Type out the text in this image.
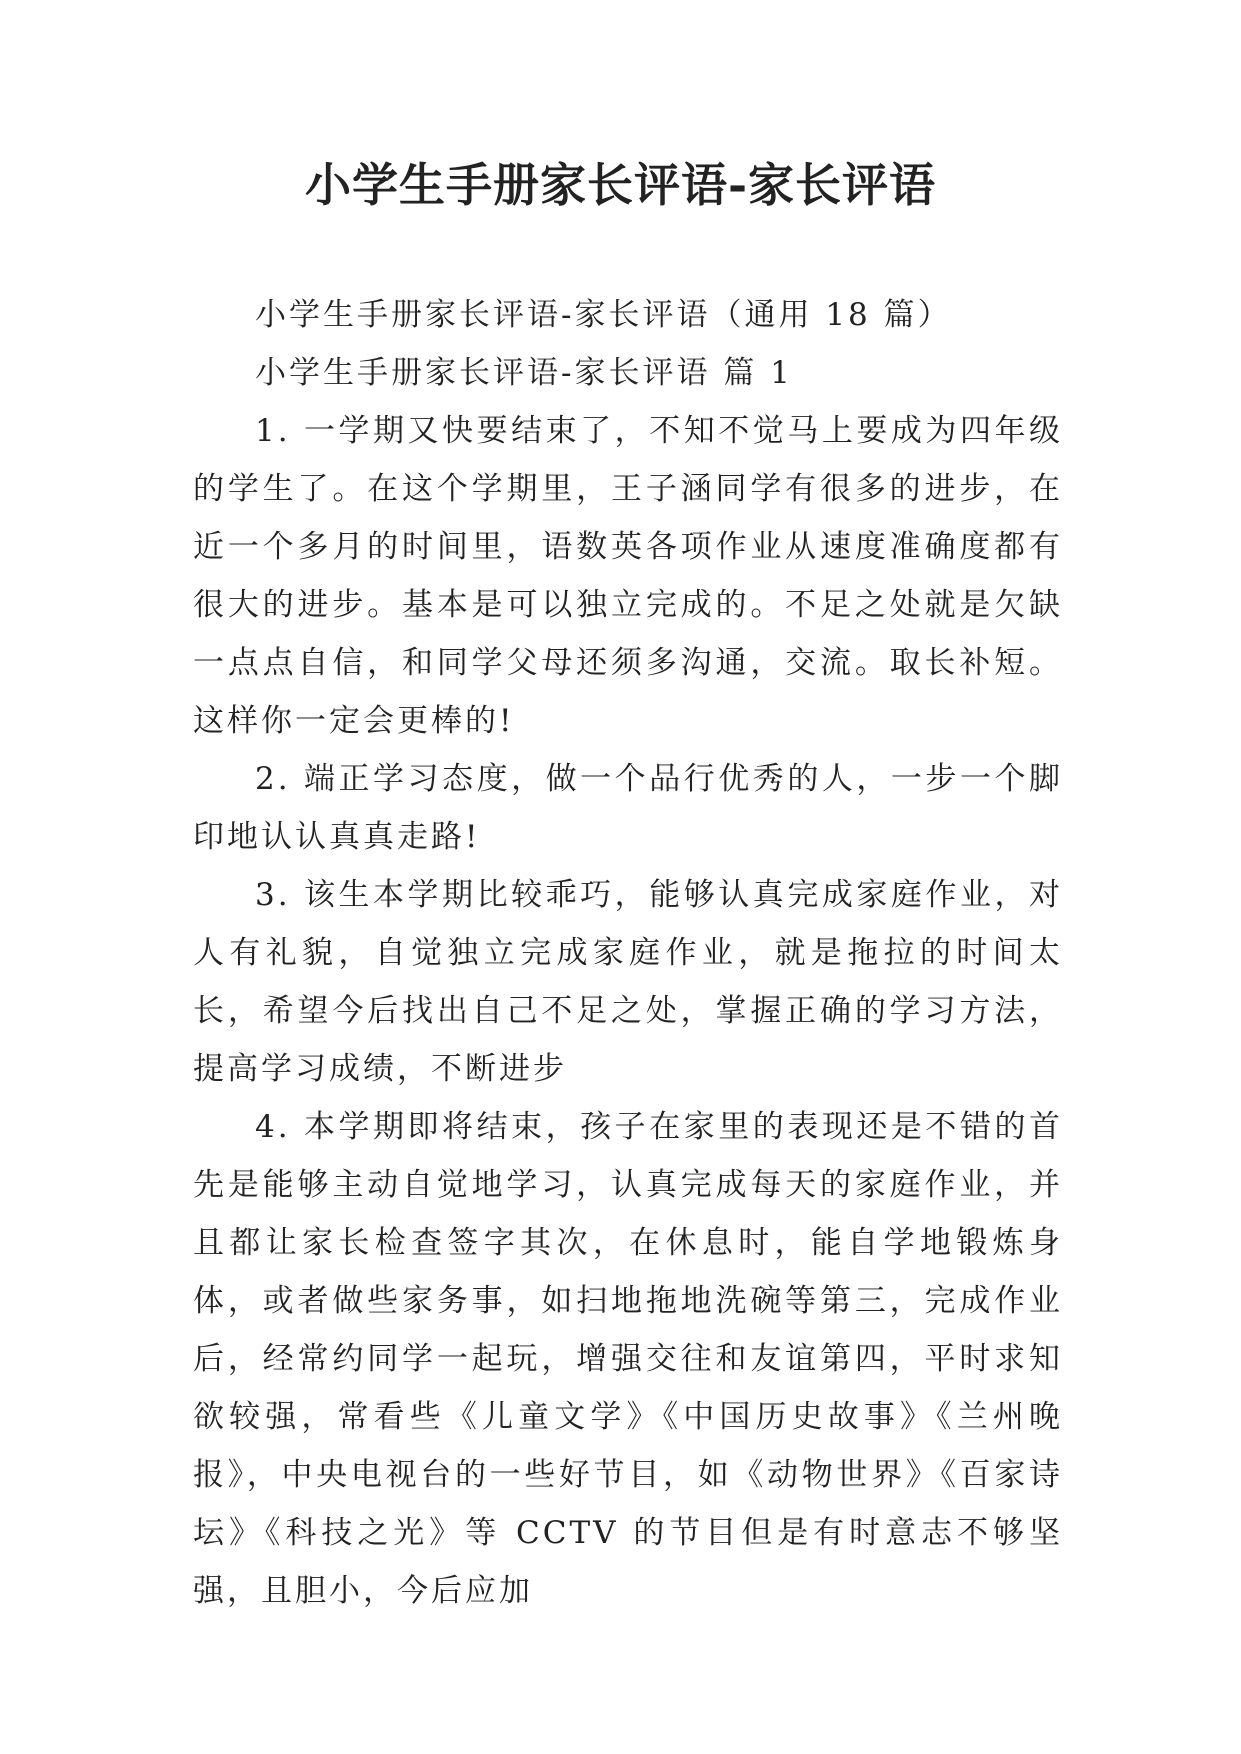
小学生手册家长评语-家长评语

小学生手册家长评语-家长评语（通用 18 篇）

小学生手册家长评语-家长评语 篇 1

1. 一学期又快要结束了，不知不觉马上要成为四年级的学生了。在这个学期里，王子涵同学有很多的进步，在近一个多月的时间里，语数英各项作业从速度准确度都有很大的进步。基本是可以独立完成的。不足之处就是欠缺一点点自信，和同学父母还须多沟通，交流。取长补短。这样你一定会更棒的!

2. 端正学习态度，做一个品行优秀的人，一步一个脚印地认认真真走路!

3. 该生本学期比较乖巧，能够认真完成家庭作业，对人有礼貌，自觉独立完成家庭作业，就是拖拉的时间太长，希望今后找出自己不足之处，掌握正确的学习方法，提高学习成绩，不断进步

4. 本学期即将结束，孩子在家里的表现还是不错的首先是能够主动自觉地学习，认真完成每天的家庭作业，并且都让家长检查签字其次，在休息时，能自学地锻炼身体，或者做些家务事，如扫地拖地洗碗等第三，完成作业后，经常约同学一起玩，增强交往和友谊第四，平时求知欲较强，常看些《儿童文学》《中国历史故事》《兰州晚报》，中央电视台的一些好节目，如《动物世界》《百家诗坛》《科技之光》等 CCTV 的节目但是有时意志不够坚强，且胆小，今后应加
